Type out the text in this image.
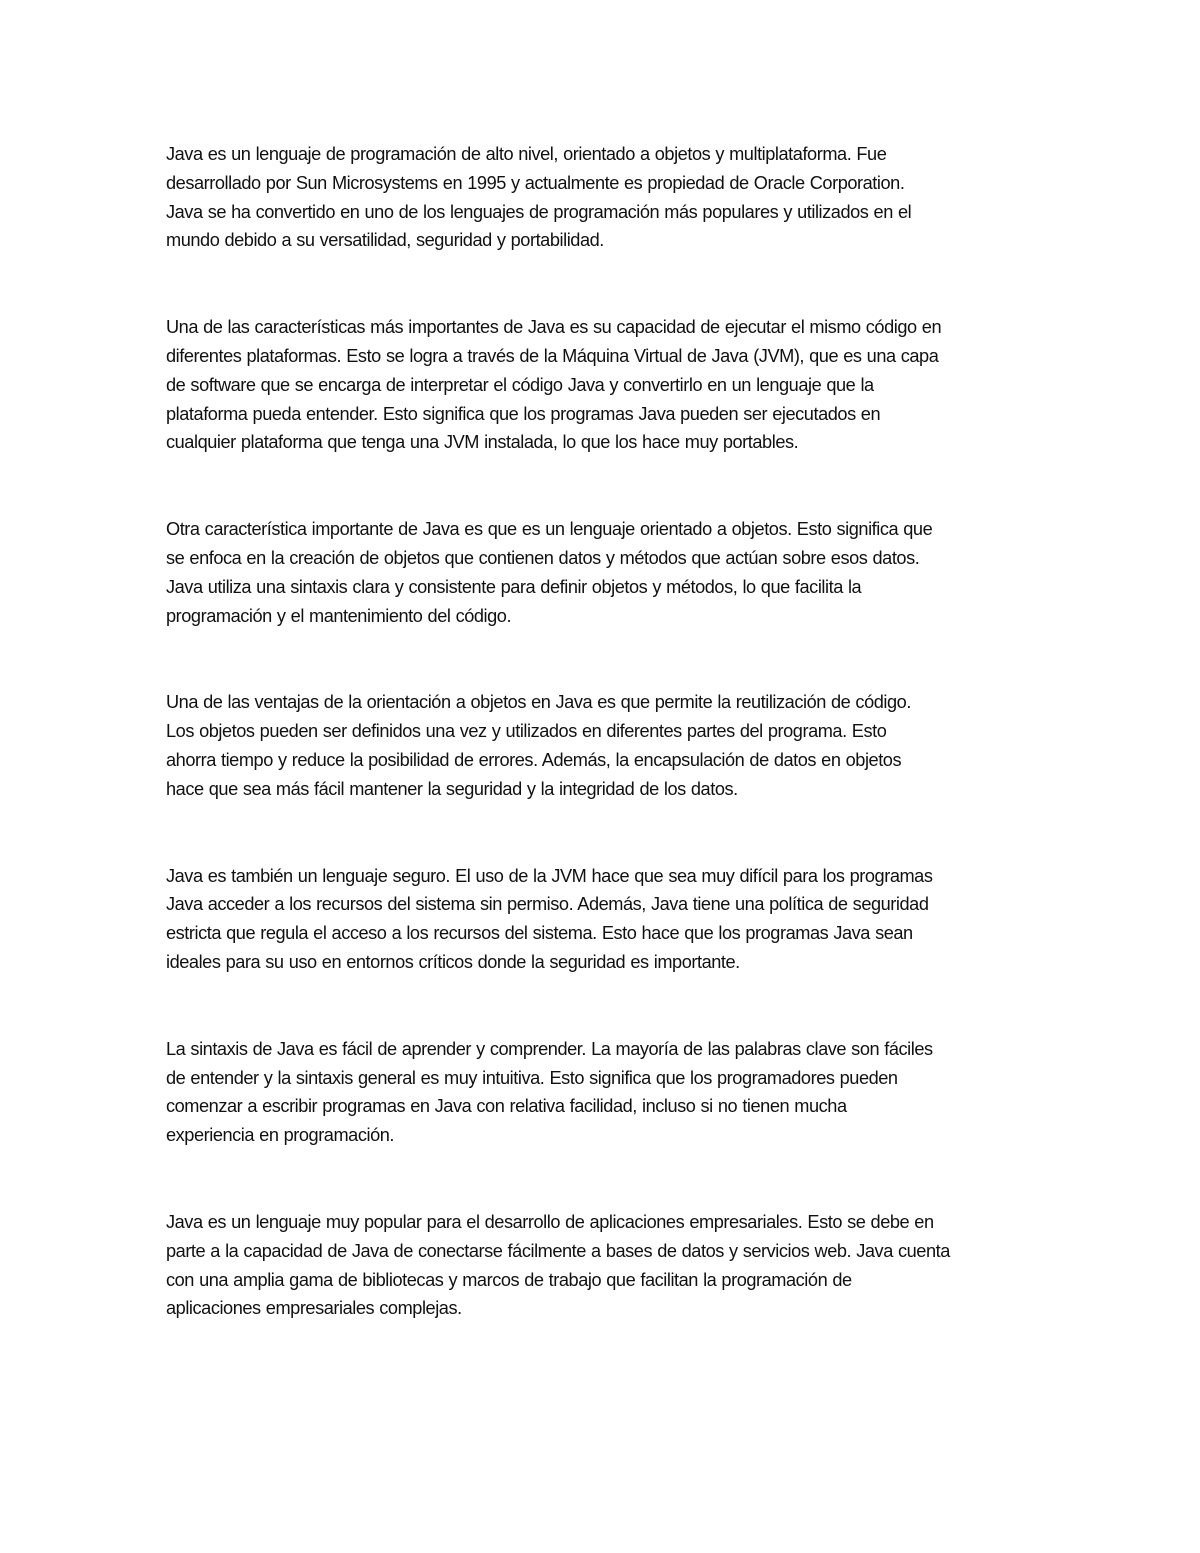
Java es un lenguaje de programación de alto nivel, orientado a objetos y multiplataforma. Fue
desarrollado por Sun Microsystems en 1995 y actualmente es propiedad de Oracle Corporation.
Java se ha convertido en uno de los lenguajes de programación más populares y utilizados en el
mundo debido a su versatilidad, seguridad y portabilidad.

Una de las características más importantes de Java es su capacidad de ejecutar el mismo código en
diferentes plataformas. Esto se logra a través de la Máquina Virtual de Java (JVM), que es una capa
de software que se encarga de interpretar el código Java y convertirlo en un lenguaje que la
plataforma pueda entender. Esto significa que los programas Java pueden ser ejecutados en
cualquier plataforma que tenga una JVM instalada, lo que los hace muy portables.

Otra característica importante de Java es que es un lenguaje orientado a objetos. Esto significa que
se enfoca en la creación de objetos que contienen datos y métodos que actúan sobre esos datos.
Java utiliza una sintaxis clara y consistente para definir objetos y métodos, lo que facilita la
programación y el mantenimiento del código.

Una de las ventajas de la orientación a objetos en Java es que permite la reutilización de código.
Los objetos pueden ser definidos una vez y utilizados en diferentes partes del programa. Esto
ahorra tiempo y reduce la posibilidad de errores. Además, la encapsulación de datos en objetos
hace que sea más fácil mantener la seguridad y la integridad de los datos.

Java es también un lenguaje seguro. El uso de la JVM hace que sea muy difícil para los programas
Java acceder a los recursos del sistema sin permiso. Además, Java tiene una política de seguridad
estricta que regula el acceso a los recursos del sistema. Esto hace que los programas Java sean
ideales para su uso en entornos críticos donde la seguridad es importante.

La sintaxis de Java es fácil de aprender y comprender. La mayoría de las palabras clave son fáciles
de entender y la sintaxis general es muy intuitiva. Esto significa que los programadores pueden
comenzar a escribir programas en Java con relativa facilidad, incluso si no tienen mucha
experiencia en programación.

Java es un lenguaje muy popular para el desarrollo de aplicaciones empresariales. Esto se debe en
parte a la capacidad de Java de conectarse fácilmente a bases de datos y servicios web. Java cuenta
con una amplia gama de bibliotecas y marcos de trabajo que facilitan la programación de
aplicaciones empresariales complejas.
